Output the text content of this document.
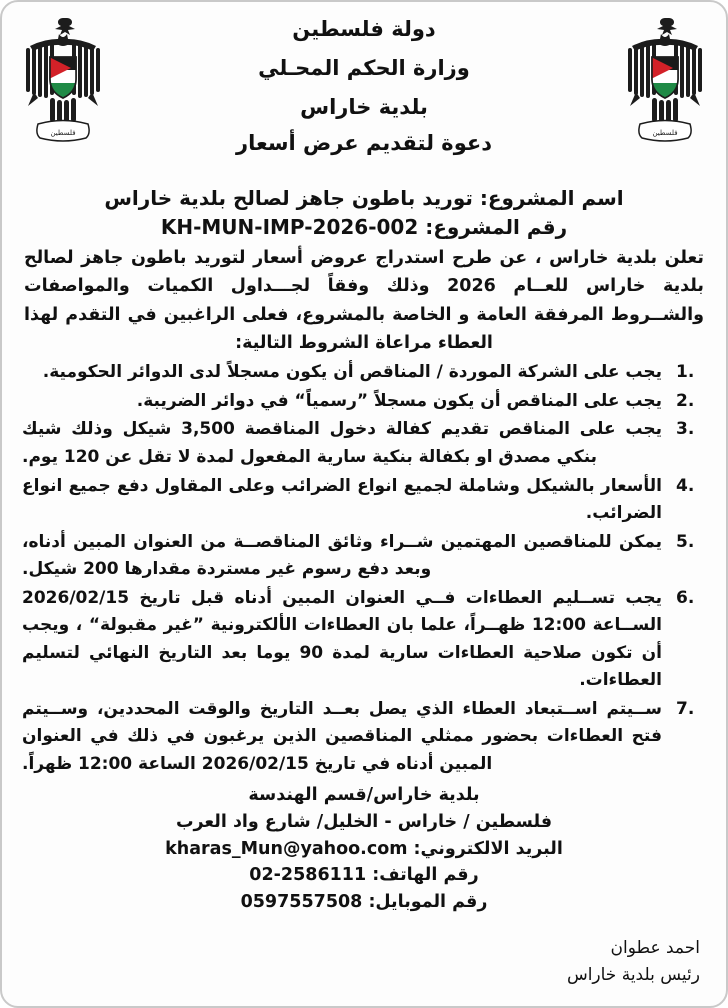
فلسطين
دولة فلسطين
وزارة الحكم المحـلي
بلدية خاراس
دعوة لتقديم عرض أسعار
فلسطين
اسم المشروع: توريد باطون جاهز لصالح بلدية خاراس
رقم المشروع: KH-MUN-IMP-2026-002
تعلن بلدية خاراس ، عن طرح استدراج عروض أسعار لتوريد باطون جاهز لصالح بلدية خاراس للعــام 2026 وذلك وفقاً لجـــداول الكميات والمواصفات والشــروط المرفقة العامة و الخاصة بالمشروع، فعلى الراغبين في التقدم لهذا العطاء مراعاة الشروط التالية:
1.
يجب على الشركة الموردة / المناقص أن يكون مسجلاً لدى الدوائر الحكومية.
2.
يجب على المناقص أن يكون مسجلاً ”رسمياً“ في دوائر الضريبة.
3.
يجب على المناقص تقديم كفالة دخول المناقصة 3,500 شيكل وذلك شيك بنكي مصدق او بكفالة بنكية سارية المفعول لمدة لا تقل عن 120 يوم.
4.
الأسعار بالشيكل وشاملة لجميع انواع الضرائب وعلى المقاول دفع جميع انواع الضرائب.
5.
يمكن للمناقصين المهتمين شــراء وثائق المناقصــة من العنوان المبين أدناه، وبعد دفع رسوم غير مستردة مقدارها 200 شيكل.
6.
يجب تســليم العطاءات فــي العنوان المبين أدناه قبل تاريخ 2026/02/15 الســاعة 12:00 ظهــراً، علما بان العطاءات الألكترونية ”غير مقبولة“ ، ويجب أن تكون صلاحية العطاءات سارية لمدة 90 يوما بعد التاريخ النهائي لتسليم العطاءات.
7.
ســيتم اســتبعاد العطاء الذي يصل بعــد التاريخ والوقت المحددين، وســيتم فتح العطاءات بحضور ممثلي المناقصين الذين يرغبون في ذلك في العنوان المبين أدناه في تاريخ 2026/02/15 الساعة 12:00 ظهراً.
بلدية خاراس/قسم الهندسة
فلسطين / خاراس - الخليل/ شارع واد العرب
البريد الالكتروني: kharas_Mun@yahoo.com
رقم الهاتف: 02-2586111
رقم الموبايل: 0597557508
احمد عطوان
رئيس بلدية خاراس
